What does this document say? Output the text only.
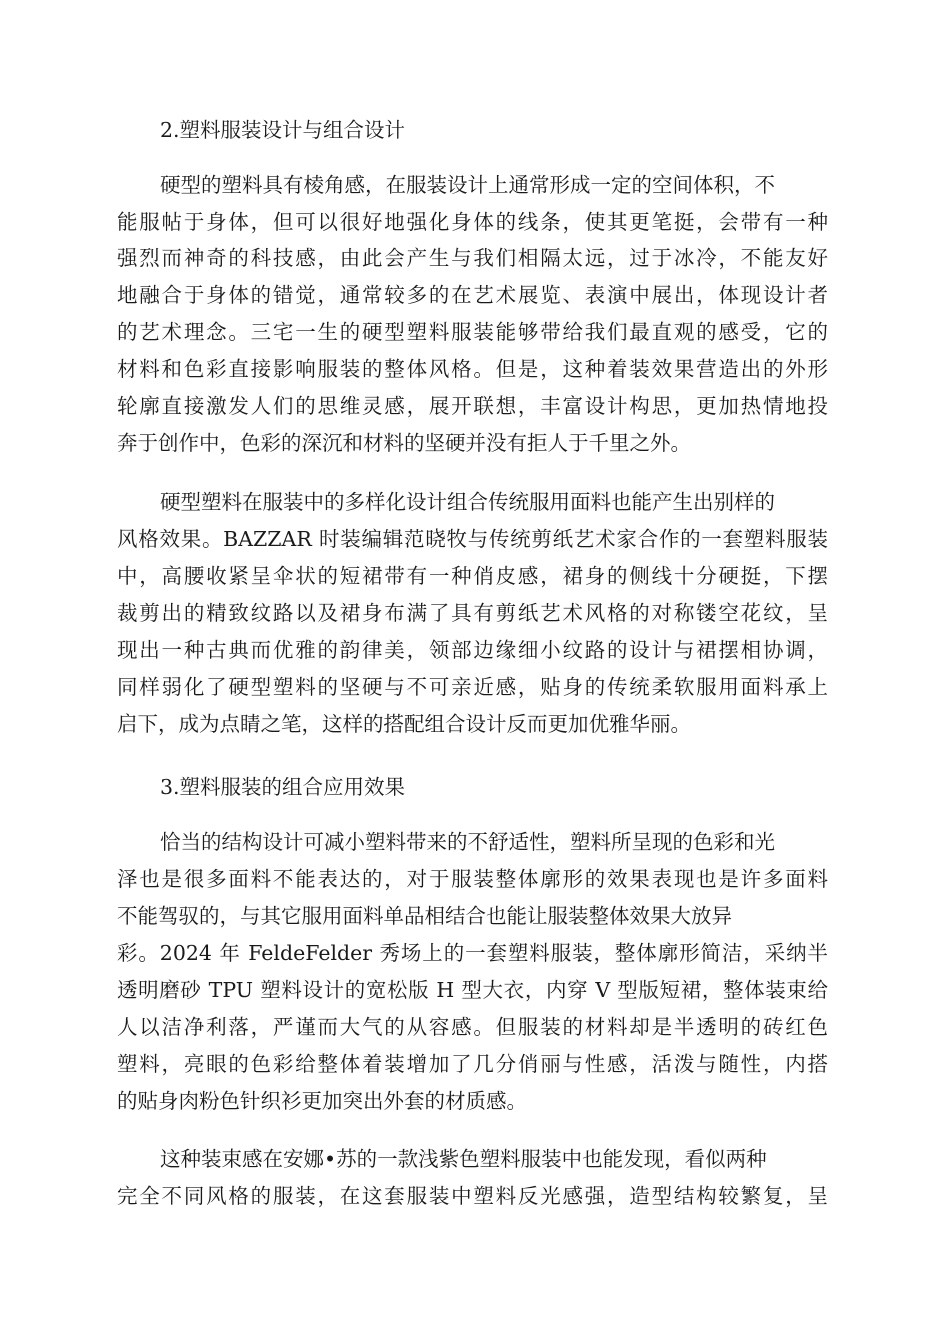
2.塑料服装设计与组合设计

硬型的塑料具有棱角感，在服装设计上通常形成一定的空间体积，不

能服帖于身体，但可以很好地强化身体的线条，使其更笔挺，会带有一种

强烈而神奇的科技感，由此会产生与我们相隔太远，过于冰冷，不能友好

地融合于身体的错觉，通常较多的在艺术展览、表演中展出，体现设计者

的艺术理念。三宅一生的硬型塑料服装能够带给我们最直观的感受，它的

材料和色彩直接影响服装的整体风格。但是，这种着装效果营造出的外形

轮廓直接激发人们的思维灵感，展开联想，丰富设计构思，更加热情地投

奔于创作中，色彩的深沉和材料的坚硬并没有拒人于千里之外。

硬型塑料在服装中的多样化设计组合传统服用面料也能产生出别样的

风格效果。BAZZAR 时装编辑范晓牧与传统剪纸艺术家合作的一套塑料服装

中，高腰收紧呈伞状的短裙带有一种俏皮感，裙身的侧线十分硬挺，下摆

裁剪出的精致纹路以及裙身布满了具有剪纸艺术风格的对称镂空花纹，呈

现出一种古典而优雅的韵律美，领部边缘细小纹路的设计与裙摆相协调，

同样弱化了硬型塑料的坚硬与不可亲近感，贴身的传统柔软服用面料承上

启下，成为点睛之笔，这样的搭配组合设计反而更加优雅华丽。

3.塑料服装的组合应用效果

恰当的结构设计可减小塑料带来的不舒适性，塑料所呈现的色彩和光

泽也是很多面料不能表达的，对于服装整体廓形的效果表现也是许多面料

不能驾驭的，与其它服用面料单品相结合也能让服装整体效果大放异

彩。2024 年 FeldeFelder 秀场上的一套塑料服装，整体廓形简洁，采纳半

透明磨砂 TPU 塑料设计的宽松版 H 型大衣，内穿 V 型版短裙，整体装束给

人以洁净利落，严谨而大气的从容感。但服装的材料却是半透明的砖红色

塑料，亮眼的色彩给整体着装增加了几分俏丽与性感，活泼与随性，内搭

的贴身肉粉色针织衫更加突出外套的材质感。

这种装束感在安娜•苏的一款浅紫色塑料服装中也能发现，看似两种

完全不同风格的服装，在这套服装中塑料反光感强，造型结构较繁复，呈
